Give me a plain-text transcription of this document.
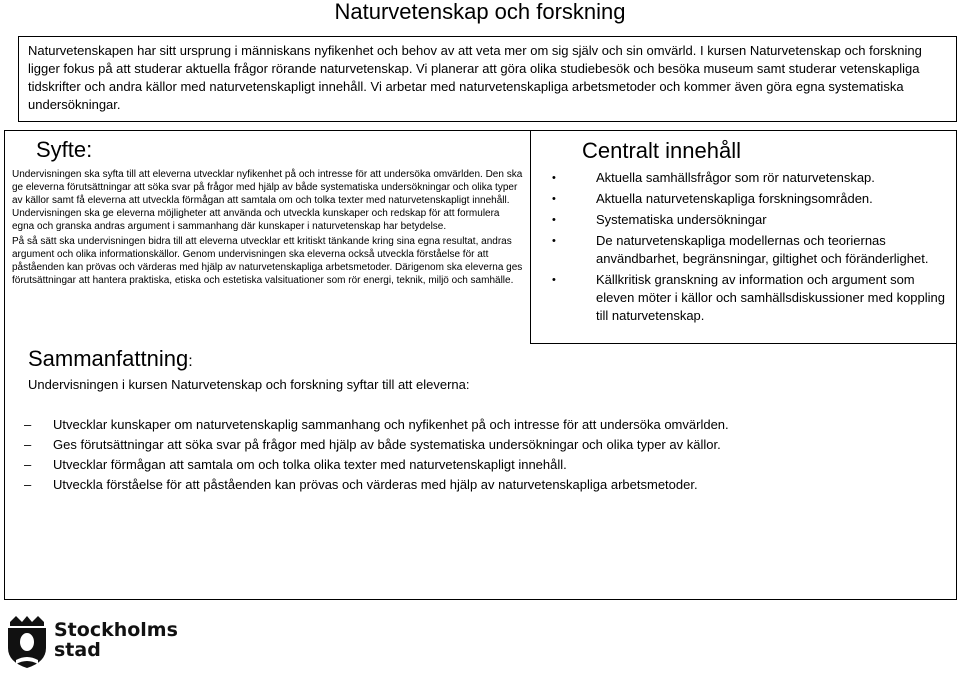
Naturvetenskap och forskning
Naturvetenskapen har sitt ursprung i människans nyfikenhet och behov av att veta mer om sig själv och sin omvärld. I kursen Naturvetenskap och forskning ligger fokus på att studerar aktuella frågor rörande naturvetenskap. Vi planerar att göra olika studiebesök och besöka museum samt studerar vetenskapliga tidskrifter och andra källor med naturvetenskapligt innehåll. Vi arbetar med naturvetenskapliga arbetsmetoder och kommer även göra egna systematiska undersökningar.
Syfte:

Undervisningen ska syfta till att eleverna utvecklar nyfikenhet på och intresse för att undersöka omvärlden. Den ska ge eleverna förutsättningar att söka svar på frågor med hjälp av både systematiska undersökningar och olika typer av källor samt få eleverna att utveckla förmågan att samtala om och tolka texter med naturvetenskapligt innehåll. Undervisningen ska ge eleverna möjligheter att använda och utveckla kunskaper och redskap för att formulera egna och granska andras argument i sammanhang där kunskaper i naturvetenskap har betydelse.

På så sätt ska undervisningen bidra till att eleverna utvecklar ett kritiskt tänkande kring sina egna resultat, andras argument och olika informationskällor. Genom undervisningen ska eleverna också utveckla förståelse för att påståenden kan prövas och värderas med hjälp av naturvetenskapliga arbetsmetoder. Därigenom ska eleverna ges förutsättningar att hantera praktiska, etiska och estetiska valsituationer som rör energi, teknik, miljö och samhälle.

Centralt innehåll
•	Aktuella samhällsfrågor som rör naturvetenskap.
•	Aktuella naturvetenskapliga forskningsområden.
•	Systematiska undersökningar
•	De naturvetenskapliga modellernas och teoriernas användbarhet, begränsningar, giltighet och föränderlighet.
•	Källkritisk granskning av information och argument som eleven möter i källor och samhällsdiskussioner med koppling till naturvetenskap.
Sammanfattning:
Undervisningen i kursen Naturvetenskap och forskning syftar till att eleverna:
– Utvecklar kunskaper om naturvetenskaplig sammanhang och nyfikenhet på och intresse för att undersöka omvärlden.
– Ges förutsättningar att söka svar på frågor med hjälp av både systematiska undersökningar och olika typer av källor.
– Utvecklar förmågan att samtala om och tolka olika texter med naturvetenskapligt innehåll.
– Utveckla förståelse för att påståenden kan prövas och värderas med hjälp av naturvetenskapliga arbetsmetoder.
Stockholms
stad
